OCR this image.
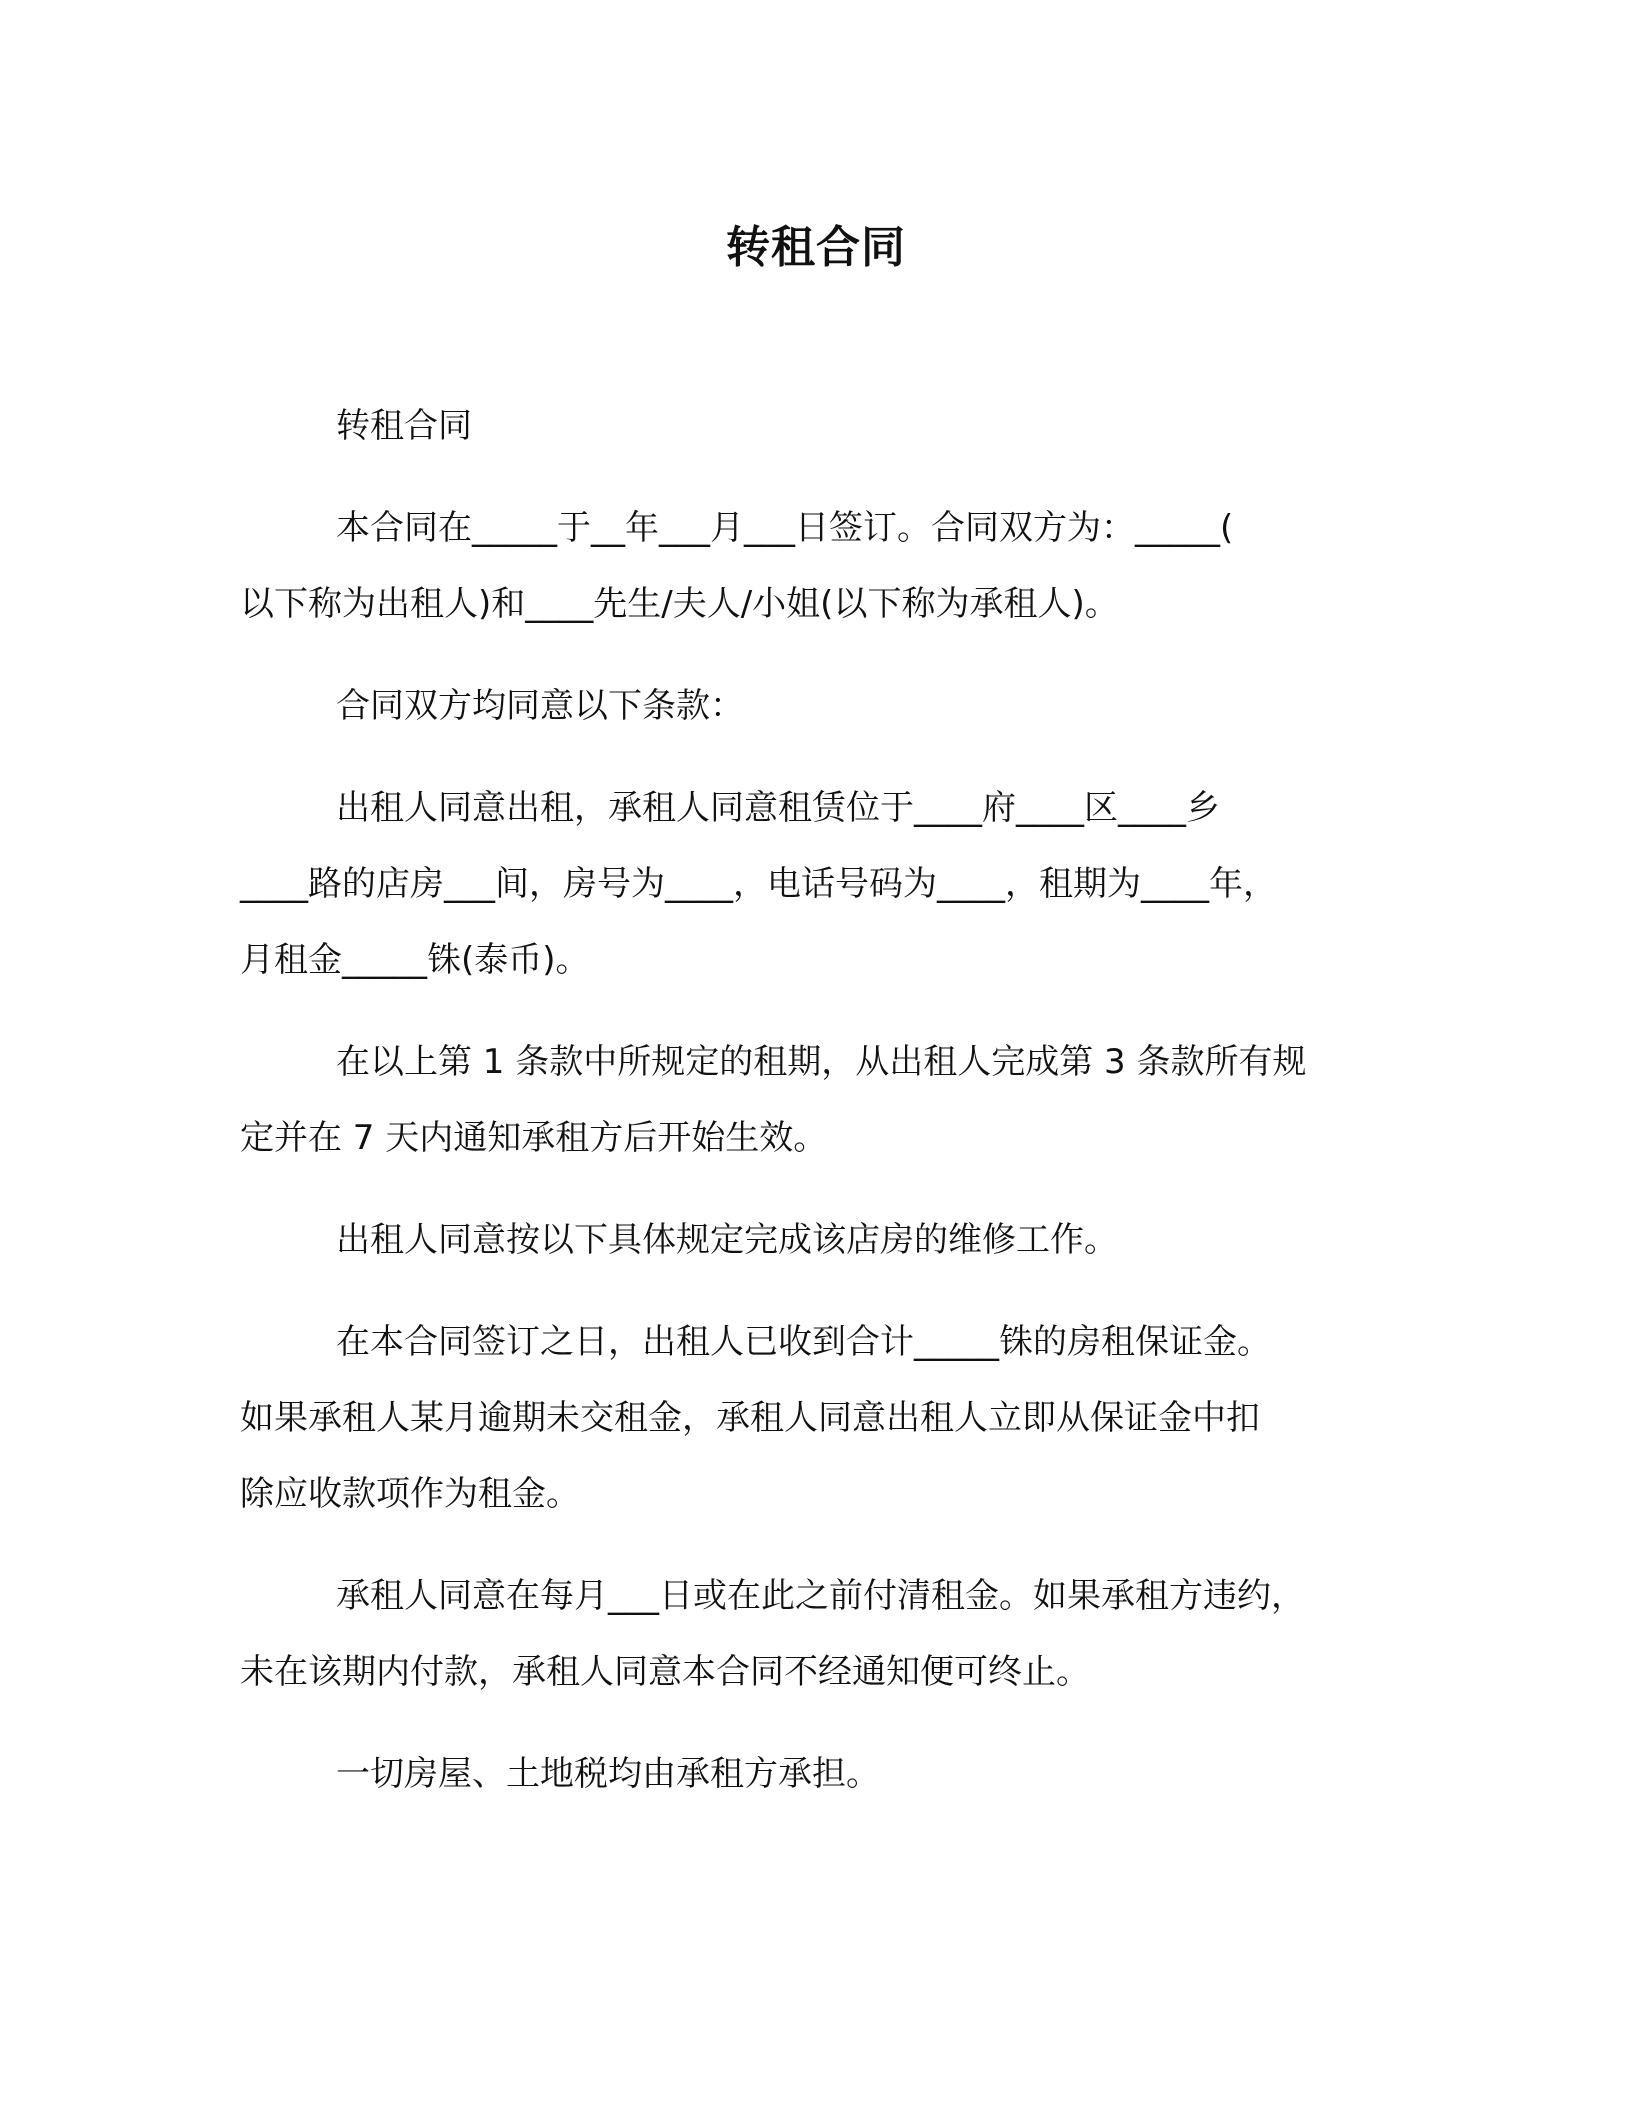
转租合同

转租合同

本合同在_____于__年___月___日签订。合同双方为：_____(
以下称为出租人)和____先生/夫人/小姐(以下称为承租人)。

合同双方均同意以下条款：

出租人同意出租，承租人同意租赁位于____府____区____乡
____路的店房___间，房号为____，电话号码为____，租期为____年，
月租金_____铢(泰币)。

在以上第 1 条款中所规定的租期，从出租人完成第 3 条款所有规
定并在 7 天内通知承租方后开始生效。

出租人同意按以下具体规定完成该店房的维修工作。

在本合同签订之日，出租人已收到合计_____铢的房租保证金。
如果承租人某月逾期未交租金，承租人同意出租人立即从保证金中扣
除应收款项作为租金。

承租人同意在每月___日或在此之前付清租金。如果承租方违约，
未在该期内付款，承租人同意本合同不经通知便可终止。

一切房屋、土地税均由承租方承担。
